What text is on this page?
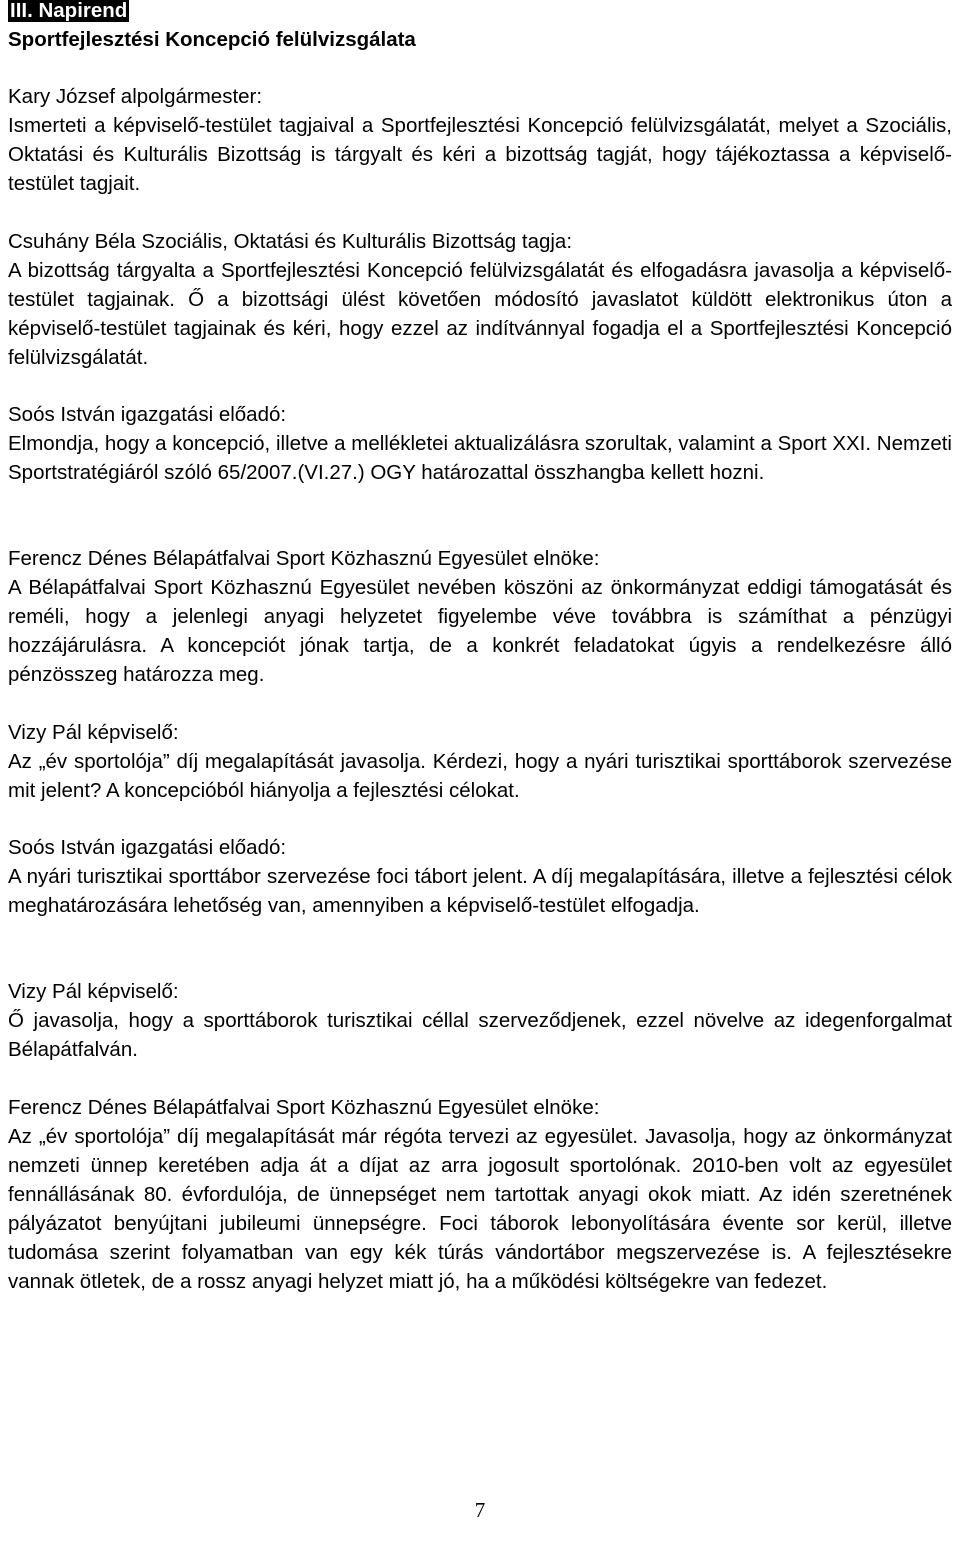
III. Napirend
Sportfejlesztési Koncepció felülvizsgálata
Kary József alpolgármester:
Ismerteti a képviselő-testület tagjaival a Sportfejlesztési Koncepció felülvizsgálatát, melyet a Szociális, Oktatási és Kulturális Bizottság is tárgyalt és kéri a bizottság tagját, hogy tájékoztassa a képviselő-testület tagjait.
Csuhány Béla Szociális, Oktatási és Kulturális Bizottság tagja:
A bizottság tárgyalta a Sportfejlesztési Koncepció felülvizsgálatát és elfogadásra javasolja a képviselő-testület tagjainak. Ő a bizottsági ülést követően módosító javaslatot küldött elektronikus úton a képviselő-testület tagjainak és kéri, hogy ezzel az indítvánnyal fogadja el a Sportfejlesztési Koncepció felülvizsgálatát.
Soós István igazgatási előadó:
Elmondja, hogy a koncepció, illetve a mellékletei aktualizálásra szorultak, valamint a Sport XXI. Nemzeti Sportstratégiáról szóló 65/2007.(VI.27.) OGY határozattal összhangba kellett hozni.
Ferencz Dénes Bélapátfalvai Sport Közhasznú Egyesület elnöke:
A Bélapátfalvai Sport Közhasznú Egyesület nevében köszöni az önkormányzat eddigi támogatását és reméli, hogy a jelenlegi anyagi helyzetet figyelembe véve továbbra is számíthat a pénzügyi hozzájárulásra. A koncepciót jónak tartja, de a konkrét feladatokat úgyis a rendelkezésre álló pénzösszeg határozza meg.
Vizy Pál képviselő:
Az „év sportolója” díj megalapítását javasolja. Kérdezi, hogy a nyári turisztikai sporttáborok szervezése mit jelent? A koncepcióból hiányolja a fejlesztési célokat.
Soós István igazgatási előadó:
A nyári turisztikai sporttábor szervezése foci tábort jelent. A díj megalapítására, illetve a fejlesztési célok meghatározására lehetőség van, amennyiben a képviselő-testület elfogadja.
Vizy Pál képviselő:
Ő javasolja, hogy a sporttáborok turisztikai céllal szerveződjenek, ezzel növelve az idegenforgalmat Bélapátfalván.
Ferencz Dénes Bélapátfalvai Sport Közhasznú Egyesület elnöke:
Az „év sportolója” díj megalapítását már régóta tervezi az egyesület. Javasolja, hogy az önkormányzat nemzeti ünnep keretében adja át a díjat az arra jogosult sportolónak. 2010-ben volt az egyesület fennállásának 80. évfordulója, de ünnepséget nem tartottak anyagi okok miatt. Az idén szeretnének pályázatot benyújtani jubileumi ünnepségre. Foci táborok lebonyolítására évente sor kerül, illetve tudomása szerint folyamatban van egy kék túrás vándortábor megszervezése is. A fejlesztésekre vannak ötletek, de a rossz anyagi helyzet miatt jó, ha a működési költségekre van fedezet.
7
